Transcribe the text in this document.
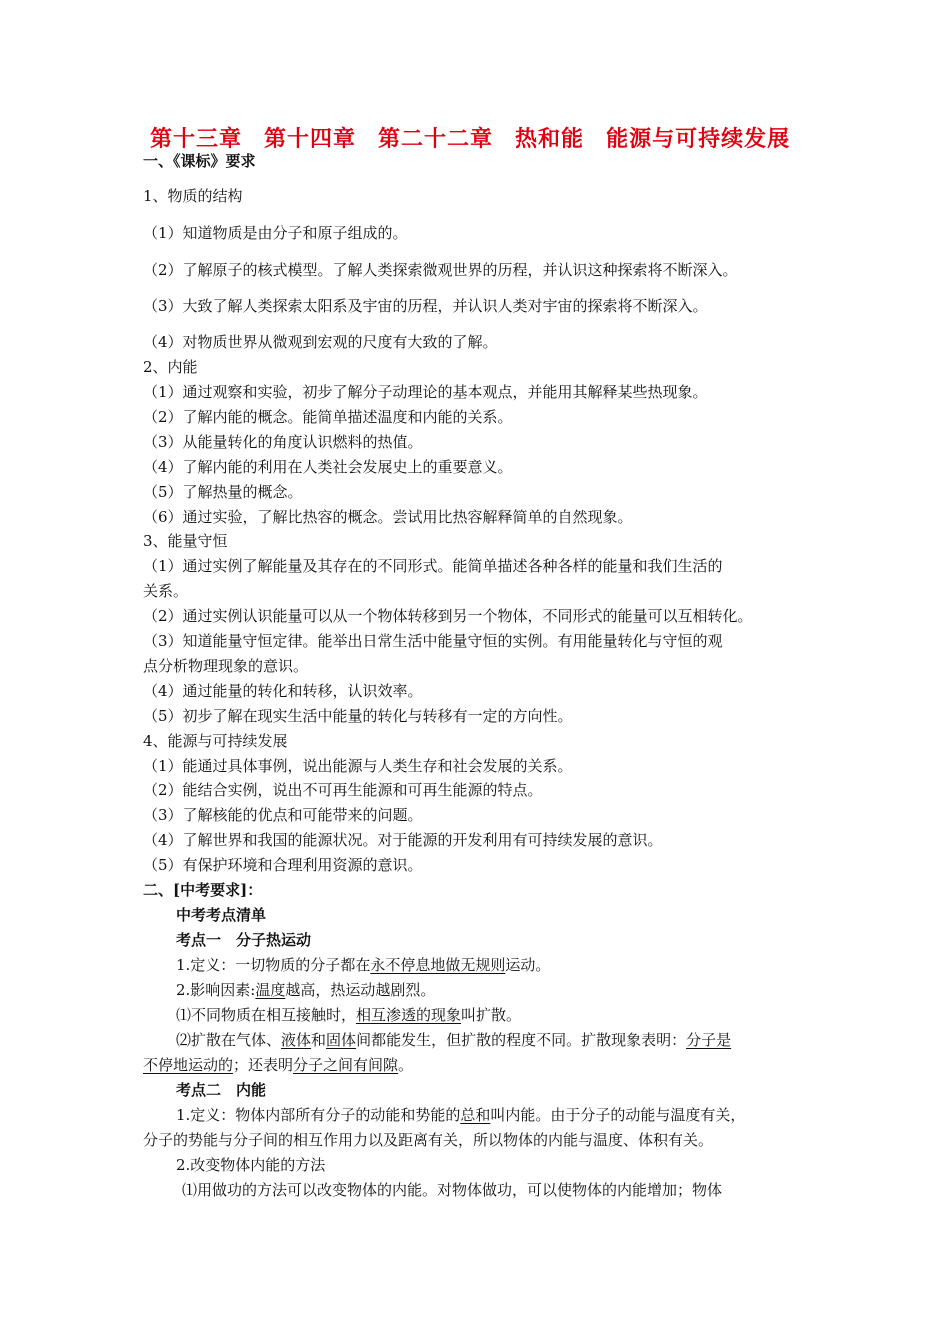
第十三章 第十四章 第二十二章 热和能 能源与可持续发展
一、《课标》要求
1、物质的结构
（1）知道物质是由分子和原子组成的。
（2）了解原子的核式模型。了解人类探索微观世界的历程，并认识这种探索将不断深入。
（3）大致了解人类探索太阳系及宇宙的历程，并认识人类对宇宙的探索将不断深入。
（4）对物质世界从微观到宏观的尺度有大致的了解。
2、内能
（1）通过观察和实验，初步了解分子动理论的基本观点，并能用其解释某些热现象。
（2）了解内能的概念。能简单描述温度和内能的关系。
（3）从能量转化的角度认识燃料的热值。
（4）了解内能的利用在人类社会发展史上的重要意义。
（5）了解热量的概念。
（6）通过实验，了解比热容的概念。尝试用比热容解释简单的自然现象。
3、能量守恒
（1）通过实例了解能量及其存在的不同形式。能简单描述各种各样的能量和我们生活的
关系。
（2）通过实例认识能量可以从一个物体转移到另一个物体，不同形式的能量可以互相转化。
（3）知道能量守恒定律。能举出日常生活中能量守恒的实例。有用能量转化与守恒的观
点分析物理现象的意识。
（4）通过能量的转化和转移，认识效率。
（5）初步了解在现实生活中能量的转化与转移有一定的方向性。
4、能源与可持续发展
（1）能通过具体事例，说出能源与人类生存和社会发展的关系。
（2）能结合实例，说出不可再生能源和可再生能源的特点。
（3）了解核能的优点和可能带来的问题。
（4）了解世界和我国的能源状况。对于能源的开发利用有可持续发展的意识。
（5）有保护环境和合理利用资源的意识。
二、[中考要求]：
中考考点清单
考点一　分子热运动
1.定义：一切物质的分子都在永不停息地做无规则运动。
2.影响因素:温度越高，热运动越剧烈。
⑴不同物质在相互接触时，相互渗透的现象叫扩散。
⑵扩散在气体、液体和固体间都能发生，但扩散的程度不同。扩散现象表明：分子是
不停地运动的；还表明分子之间有间隙。
考点二　内能
1.定义：物体内部所有分子的动能和势能的总和叫内能。由于分子的动能与温度有关，
分子的势能与分子间的相互作用力以及距离有关，所以物体的内能与温度、体积有关。
2.改变物体内能的方法
⑴用做功的方法可以改变物体的内能。对物体做功，可以使物体的内能增加；物体
